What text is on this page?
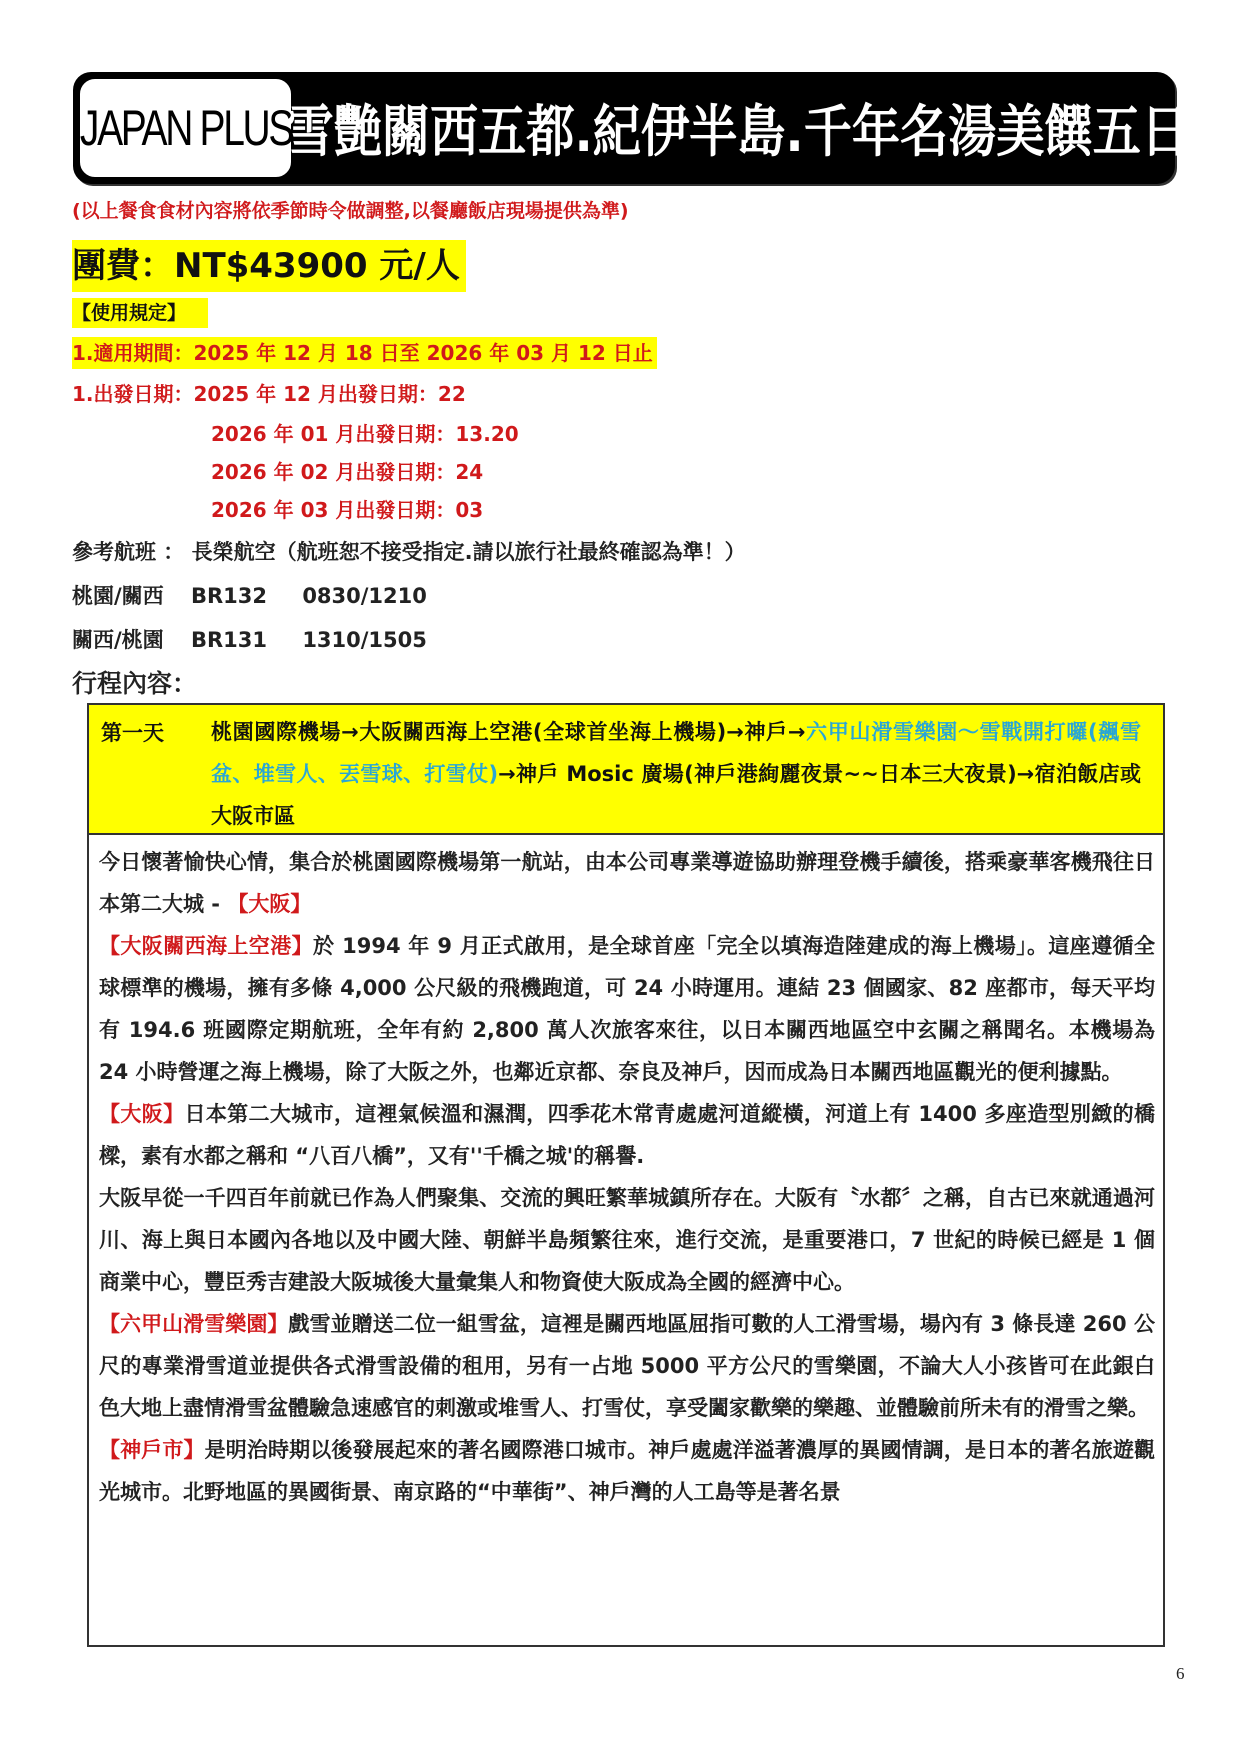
JAPAN PLUS
雪艷關西五都.紀伊半島.千年名湯美饌五日
(以上餐食食材內容將依季節時令做調整,以餐廳飯店現場提供為準)
團費：NT$43900 元/人
【使用規定】
1.適用期間：2025 年 12 月 18 日至 2026 年 03 月 12 日止
1.出發日期：2025 年 12 月出發日期：22
2026 年 01 月出發日期：13.20
2026 年 02 月出發日期：24
2026 年 03 月出發日期：03
參考航班 ： 長榮航空（航班恕不接受指定.請以旅行社最終確認為準！）
桃園/關西 BR132 0830/1210
關西/桃園 BR131 1310/1505
行程內容：
第一天 桃園國際機場→大阪關西海上空港(全球首坐海上機場)→神戶→六甲山滑雪樂園～雪戰開打囉(飆雪盆、堆雪人、丟雪球、打雪仗)→神戶 Mosic 廣場(神戶港絢麗夜景~~日本三大夜景)→宿泊飯店或大阪市區

今日懷著愉快心情，集合於桃園國際機場第一航站，由本公司專業導遊協助辦理登機手續後，搭乘豪華客機飛往日本第二大城 - 【大阪】

【大阪關西海上空港】於 1994 年 9 月正式啟用，是全球首座「完全以填海造陸建成的海上機場」。這座遵循全球標準的機場，擁有多條 4,000 公尺級的飛機跑道，可 24 小時運用。連結 23 個國家、82 座都市，每天平均有 194.6 班國際定期航班，全年有約 2,800 萬人次旅客來往，以日本關西地區空中玄關之稱聞名。本機場為 24 小時營運之海上機場，除了大阪之外，也鄰近京都、奈良及神戶，因而成為日本關西地區觀光的便利據點。

【大阪】日本第二大城市，這裡氣候溫和濕潤，四季花木常青處處河道縱橫，河道上有 1400 多座造型別緻的橋樑，素有水都之稱和 “八百八橋”，又有''千橋之城'的稱譽.

大阪早從一千四百年前就已作為人們聚集、交流的興旺繁華城鎮所存在。大阪有〝水都〞之稱，自古已來就通過河川、海上與日本國內各地以及中國大陸、朝鮮半島頻繁往來，進行交流，是重要港口，7 世紀的時候已經是 1 個商業中心，豐臣秀吉建設大阪城後大量彙集人和物資使大阪成為全國的經濟中心。

【六甲山滑雪樂園】戲雪並贈送二位一組雪盆，這裡是關西地區屈指可數的人工滑雪場，場內有 3 條長達 260 公尺的專業滑雪道並提供各式滑雪設備的租用，另有一占地 5000 平方公尺的雪樂園，不論大人小孩皆可在此銀白色大地上盡情滑雪盆體驗急速感官的刺激或堆雪人、打雪仗，享受闔家歡樂的樂趣、並體驗前所未有的滑雪之樂。

【神戶市】是明治時期以後發展起來的著名國際港口城市。神戶處處洋溢著濃厚的異國情調，是日本的著名旅遊觀光城市。北野地區的異國街景、南京路的“中華街”、神戶灣的人工島等是著名景

6
